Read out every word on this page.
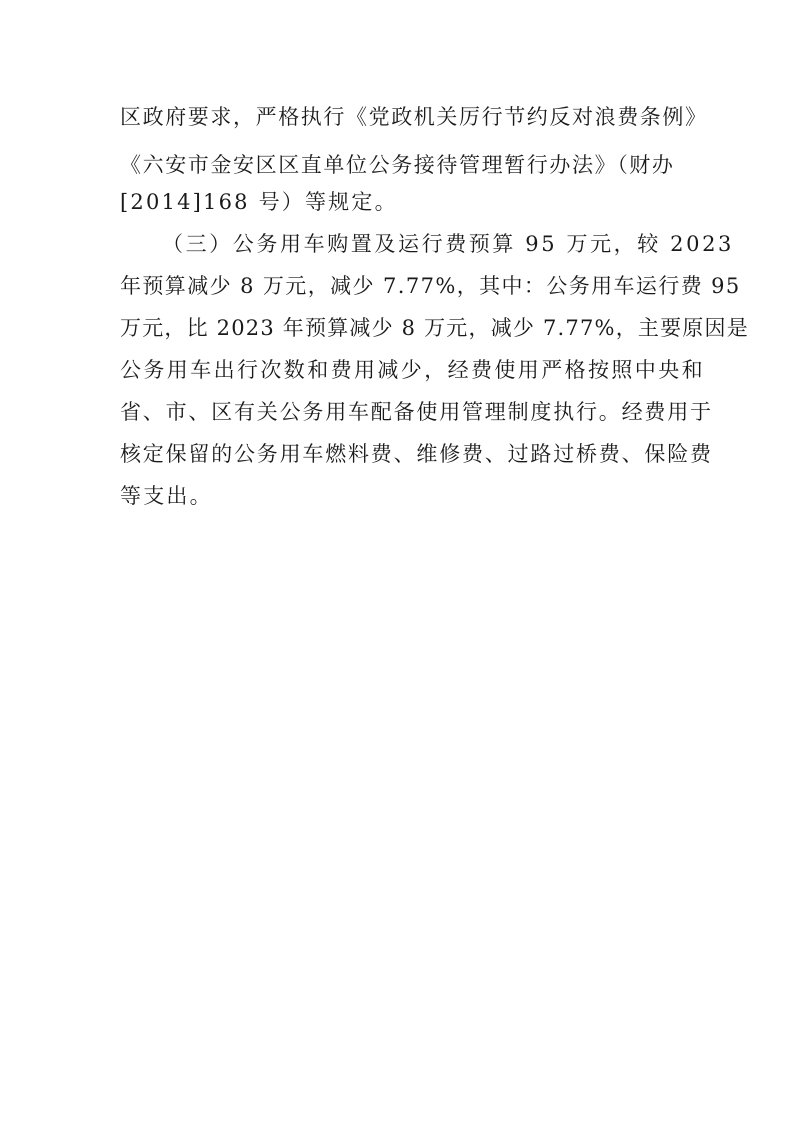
区政府要求，严格执行《党政机关厉行节约反对浪费条例》
《六安市金安区区直单位公务接待管理暂行办法》（财办
[2014]168 号）等规定。
（三）公务用车购置及运行费预算 95 万元，较 2023
年预算减少 8 万元，减少 7.77%，其中：公务用车运行费 95
万元，比 2023 年预算减少 8 万元，减少 7.77%，主要原因是
公务用车出行次数和费用减少，经费使用严格按照中央和
省、市、区有关公务用车配备使用管理制度执行。经费用于
核定保留的公务用车燃料费、维修费、过路过桥费、保险费
等支出。
